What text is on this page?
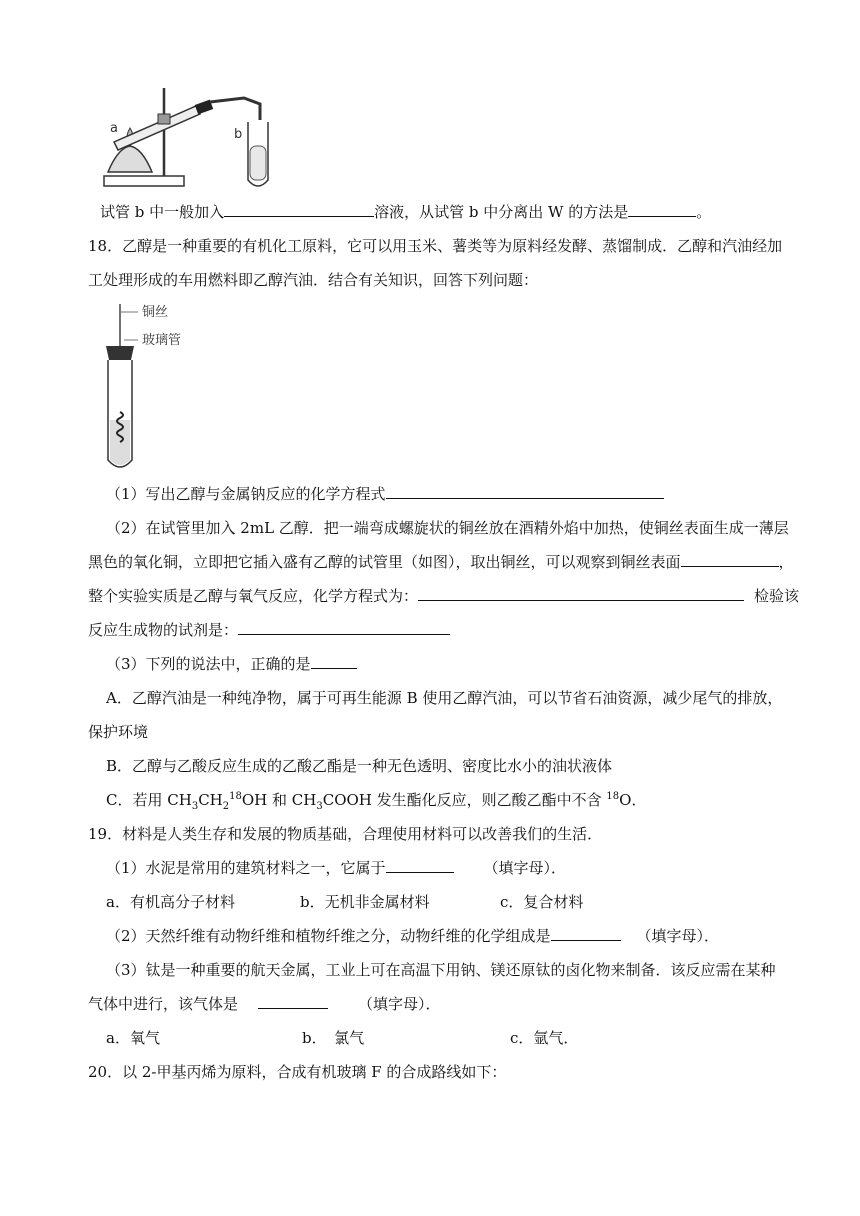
a	b
试管 b 中一般加入	溶液，从试管 b 中分离出 W 的方法是	。
18．乙醇是一种重要的有机化工原料，它可以用玉米、薯类等为原料经发酵、蒸馏制成．乙醇和汽油经加
工处理形成的车用燃料即乙醇汽油．结合有关知识，回答下列问题：
铜丝
玻璃管
（1）写出乙醇与金属钠反应的化学方程式
（2）在试管里加入 2mL 乙醇．把一端弯成螺旋状的铜丝放在酒精外焰中加热，使铜丝表面生成一薄层
黑色的氧化铜，立即把它插入盛有乙醇的试管里（如图），取出铜丝，可以观察到铜丝表面	，
整个实验实质是乙醇与氧气反应，化学方程式为：	检验该
反应生成物的试剂是：
（3）下列的说法中，正确的是
A．乙醇汽油是一种纯净物，属于可再生能源 B 使用乙醇汽油，可以节省石油资源，减少尾气的排放，
保护环境
B．乙醇与乙酸反应生成的乙酸乙酯是一种无色透明、密度比水小的油状液体
C．若用 $CH_3CH_2^{18}OH$ 和 $CH_3COOH$ 发生酯化反应，则乙酸乙酯中不含 $^{18}$O．
19．材料是人类生存和发展的物质基础，合理使用材料可以改善我们的生活．
（1）水泥是常用的建筑材料之一，它属于	（填字母）．
a．有机高分子材料	b．无机非金属材料	c．复合材料
（2）天然纤维有动物纤维和植物纤维之分，动物纤维的化学组成是	（填字母）．
（3）钛是一种重要的航天金属，工业上可在高温下用钠、镁还原钛的卤化物来制备．该反应需在某种
气体中进行，该气体是	（填字母）．
a．氧气	b．　氯气	c．氩气．
20．以 2-甲基丙烯为原料，合成有机玻璃 F 的合成路线如下：
